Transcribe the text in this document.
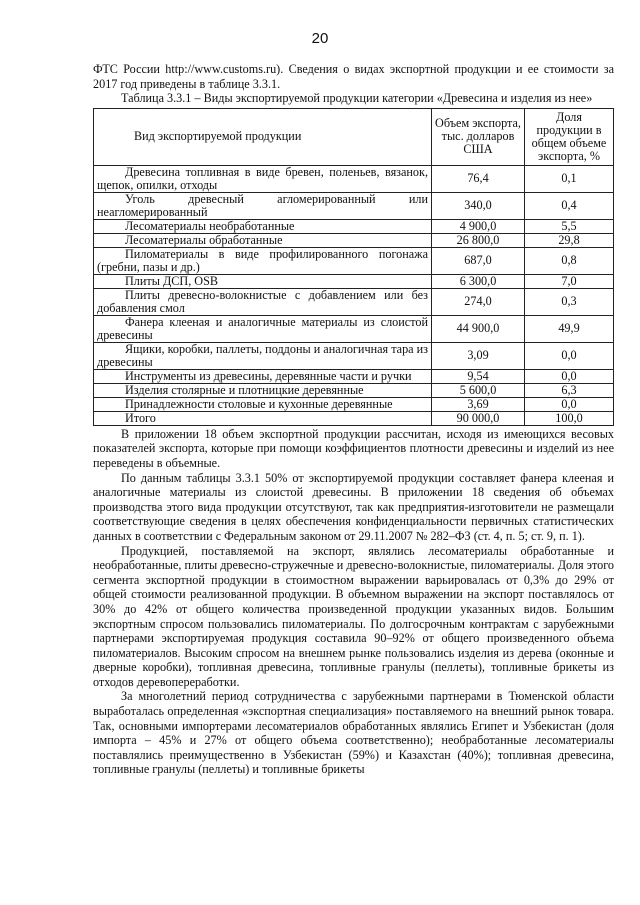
20

ФТС России http://www.customs.ru). Сведения о видах экспортной продукции и ее стоимости за 2017 год приведены в таблице 3.3.1.

Таблица 3.3.1 – Виды экспортируемой продукции категории «Древесина и изделия из нее»

Вид экспортируемой продукции	Объем экспорта, тыс. долларов США	Доля продукции в общем объеме экспорта, %
Древесина топливная в виде бревен, поленьев, вязанок, щепок, опилки, отходы	76,4	0,1
Уголь древесный агломерированный или неагломерированный	340,0	0,4
Лесоматериалы необработанные	4 900,0	5,5
Лесоматериалы обработанные	26 800,0	29,8
Пиломатериалы в виде профилированного погонажа (гребни, пазы и др.)	687,0	0,8
Плиты ДСП, OSB	6 300,0	7,0
Плиты древесно-волокнистые с добавлением или без добавления смол	274,0	0,3
Фанера клееная и аналогичные материалы из слоистой древесины	44 900,0	49,9
Ящики, коробки, паллеты, поддоны и аналогичная тара из древесины	3,09	0,0
Инструменты из древесины, деревянные части и ручки	9,54	0,0
Изделия столярные и плотницкие деревянные	5 600,0	6,3
Принадлежности столовые и кухонные деревянные	3,69	0,0
Итого	90 000,0	100,0

В приложении 18 объем экспортной продукции рассчитан, исходя из имеющихся весовых показателей экспорта, которые при помощи коэффициентов плотности древесины и изделий из нее переведены в объемные.

По данным таблицы 3.3.1 50% от экспортируемой продукции составляет фанера клееная и аналогичные материалы из слоистой древесины. В приложении 18 сведения об объемах производства этого вида продукции отсутствуют, так как предприятия-изготовители не размещали соответствующие сведения в целях обеспечения конфиденциальности первичных статистических данных в соответствии с Федеральным законом от 29.11.2007 № 282–ФЗ (ст. 4, п. 5; ст. 9, п. 1).

Продукцией, поставляемой на экспорт, являлись лесоматериалы обработанные и необработанные, плиты древесно-стружечные и древесно-волокнистые, пиломатериалы. Доля этого сегмента экспортной продукции в стоимостном выражении варьировалась от 0,3% до 29% от общей стоимости реализованной продукции. В объемном выражении на экспорт поставлялось от 30% до 42% от общего количества произведенной продукции указанных видов. Большим экспортным спросом пользовались пиломатериалы. По долгосрочным контрактам с зарубежными партнерами экспортируемая продукция составила 90–92% от общего произведенного объема пиломатериалов. Высоким спросом на внешнем рынке пользовались изделия из дерева (оконные и дверные коробки), топливная древесина, топливные гранулы (пеллеты), топливные брикеты из отходов деревопереработки.

За многолетний период сотрудничества с зарубежными партнерами в Тюменской области выработалась определенная «экспортная специализация» поставляемого на внешний рынок товара. Так, основными импортерами лесоматериалов обработанных являлись Египет и Узбекистан (доля импорта – 45% и 27% от общего объема соответственно); необработанные лесоматериалы поставлялись преимущественно в Узбекистан (59%) и Казахстан (40%); топливная древесина, топливные гранулы (пеллеты) и топливные брикеты
